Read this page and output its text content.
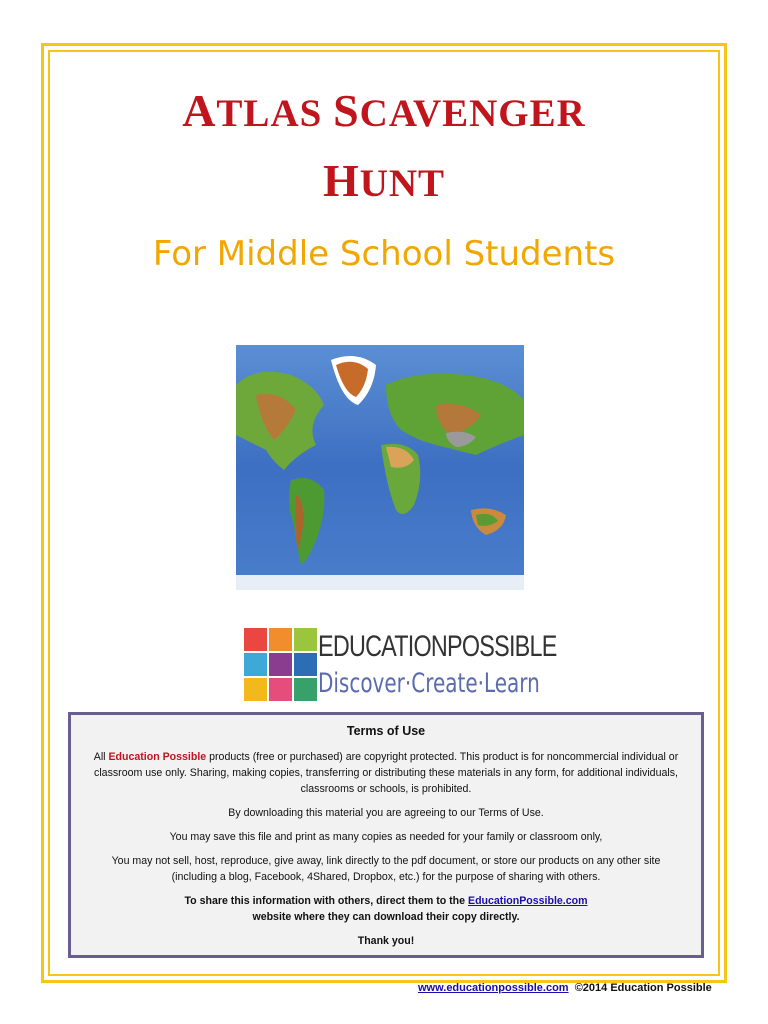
ATLAS SCAVENGER
HUNT
For Middle School Students
EDUCATIONPOSSIBLE
Discover·Create·Learn

Terms of Use

All Education Possible products (free or purchased) are copyright protected. This product is for noncommercial individual or classroom use only. Sharing, making copies, transferring or distributing these materials in any form, for additional individuals, classrooms or schools, is prohibited.

By downloading this material you are agreeing to our Terms of Use.

You may save this file and print as many copies as needed for your family or classroom only,

You may not sell, host, reproduce, give away, link directly to the pdf document, or store our products on any other site (including a blog, Facebook, 4Shared, Dropbox, etc.) for the purpose of sharing with others.

To share this information with others, direct them to the EducationPossible.com website where they can download their copy directly.

Thank you!

www.educationpossible.com ©2014 Education Possible
